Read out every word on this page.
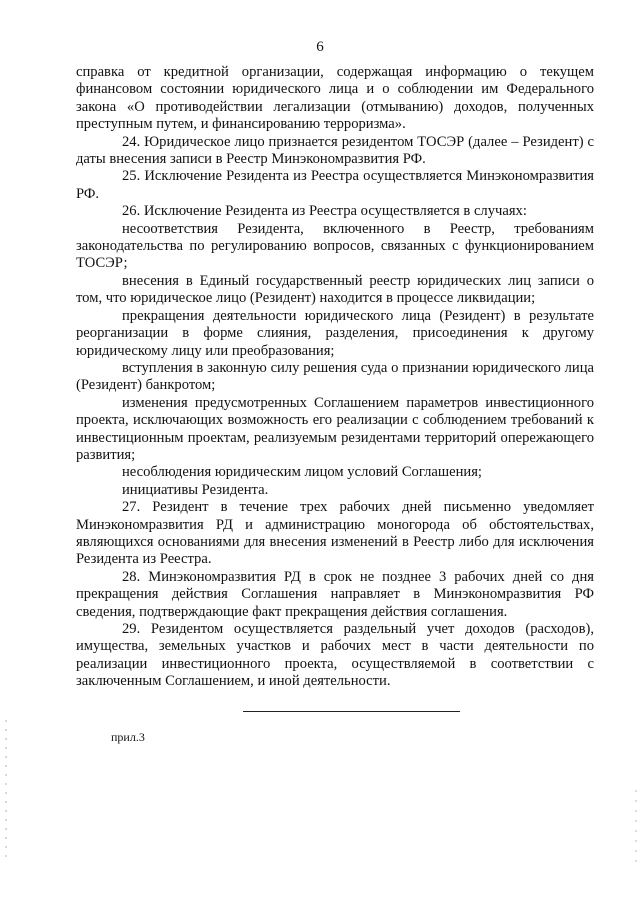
6

справка от кредитной организации, содержащая информацию о текущем финансовом состоянии юридического лица и о соблюдении им Федерального закона «О противодействии легализации (отмыванию) доходов, полученных преступным путем, и финансированию терроризма».

24. Юридическое лицо признается резидентом ТОСЭР (далее – Резидент) с даты внесения записи в Реестр Минэкономразвития РФ.

25. Исключение Резидента из Реестра осуществляется Минэкономразвития РФ.

26. Исключение Резидента из Реестра осуществляется в случаях:

несоответствия Резидента, включенного в Реестр, требованиям законодательства по регулированию вопросов, связанных с функционированием ТОСЭР;

внесения в Единый государственный реестр юридических лиц записи о том, что юридическое лицо (Резидент) находится в процессе ликвидации;

прекращения деятельности юридического лица (Резидент) в результате реорганизации в форме слияния, разделения, присоединения к другому юридическому лицу или преобразования;

вступления в законную силу решения суда о признании юридического лица (Резидент) банкротом;

изменения предусмотренных Соглашением параметров инвестиционного проекта, исключающих возможность его реализации с соблюдением требований к инвестиционным проектам, реализуемым резидентами территорий опережающего развития;

несоблюдения юридическим лицом условий Соглашения;

инициативы Резидента.

27. Резидент в течение трех рабочих дней письменно уведомляет Минэкономразвития РД и администрацию моногорода об обстоятельствах, являющихся основаниями для внесения изменений в Реестр либо для исключения Резидента из Реестра.

28. Минэкономразвития РД в срок не позднее 3 рабочих дней со дня прекращения действия Соглашения направляет в Минэкономразвития РФ сведения, подтверждающие факт прекращения действия соглашения.

29. Резидентом осуществляется раздельный учет доходов (расходов), имущества, земельных участков и рабочих мест в части деятельности по реализации инвестиционного проекта, осуществляемой в соответствии с заключенным Соглашением, и иной деятельности.

прил.3
